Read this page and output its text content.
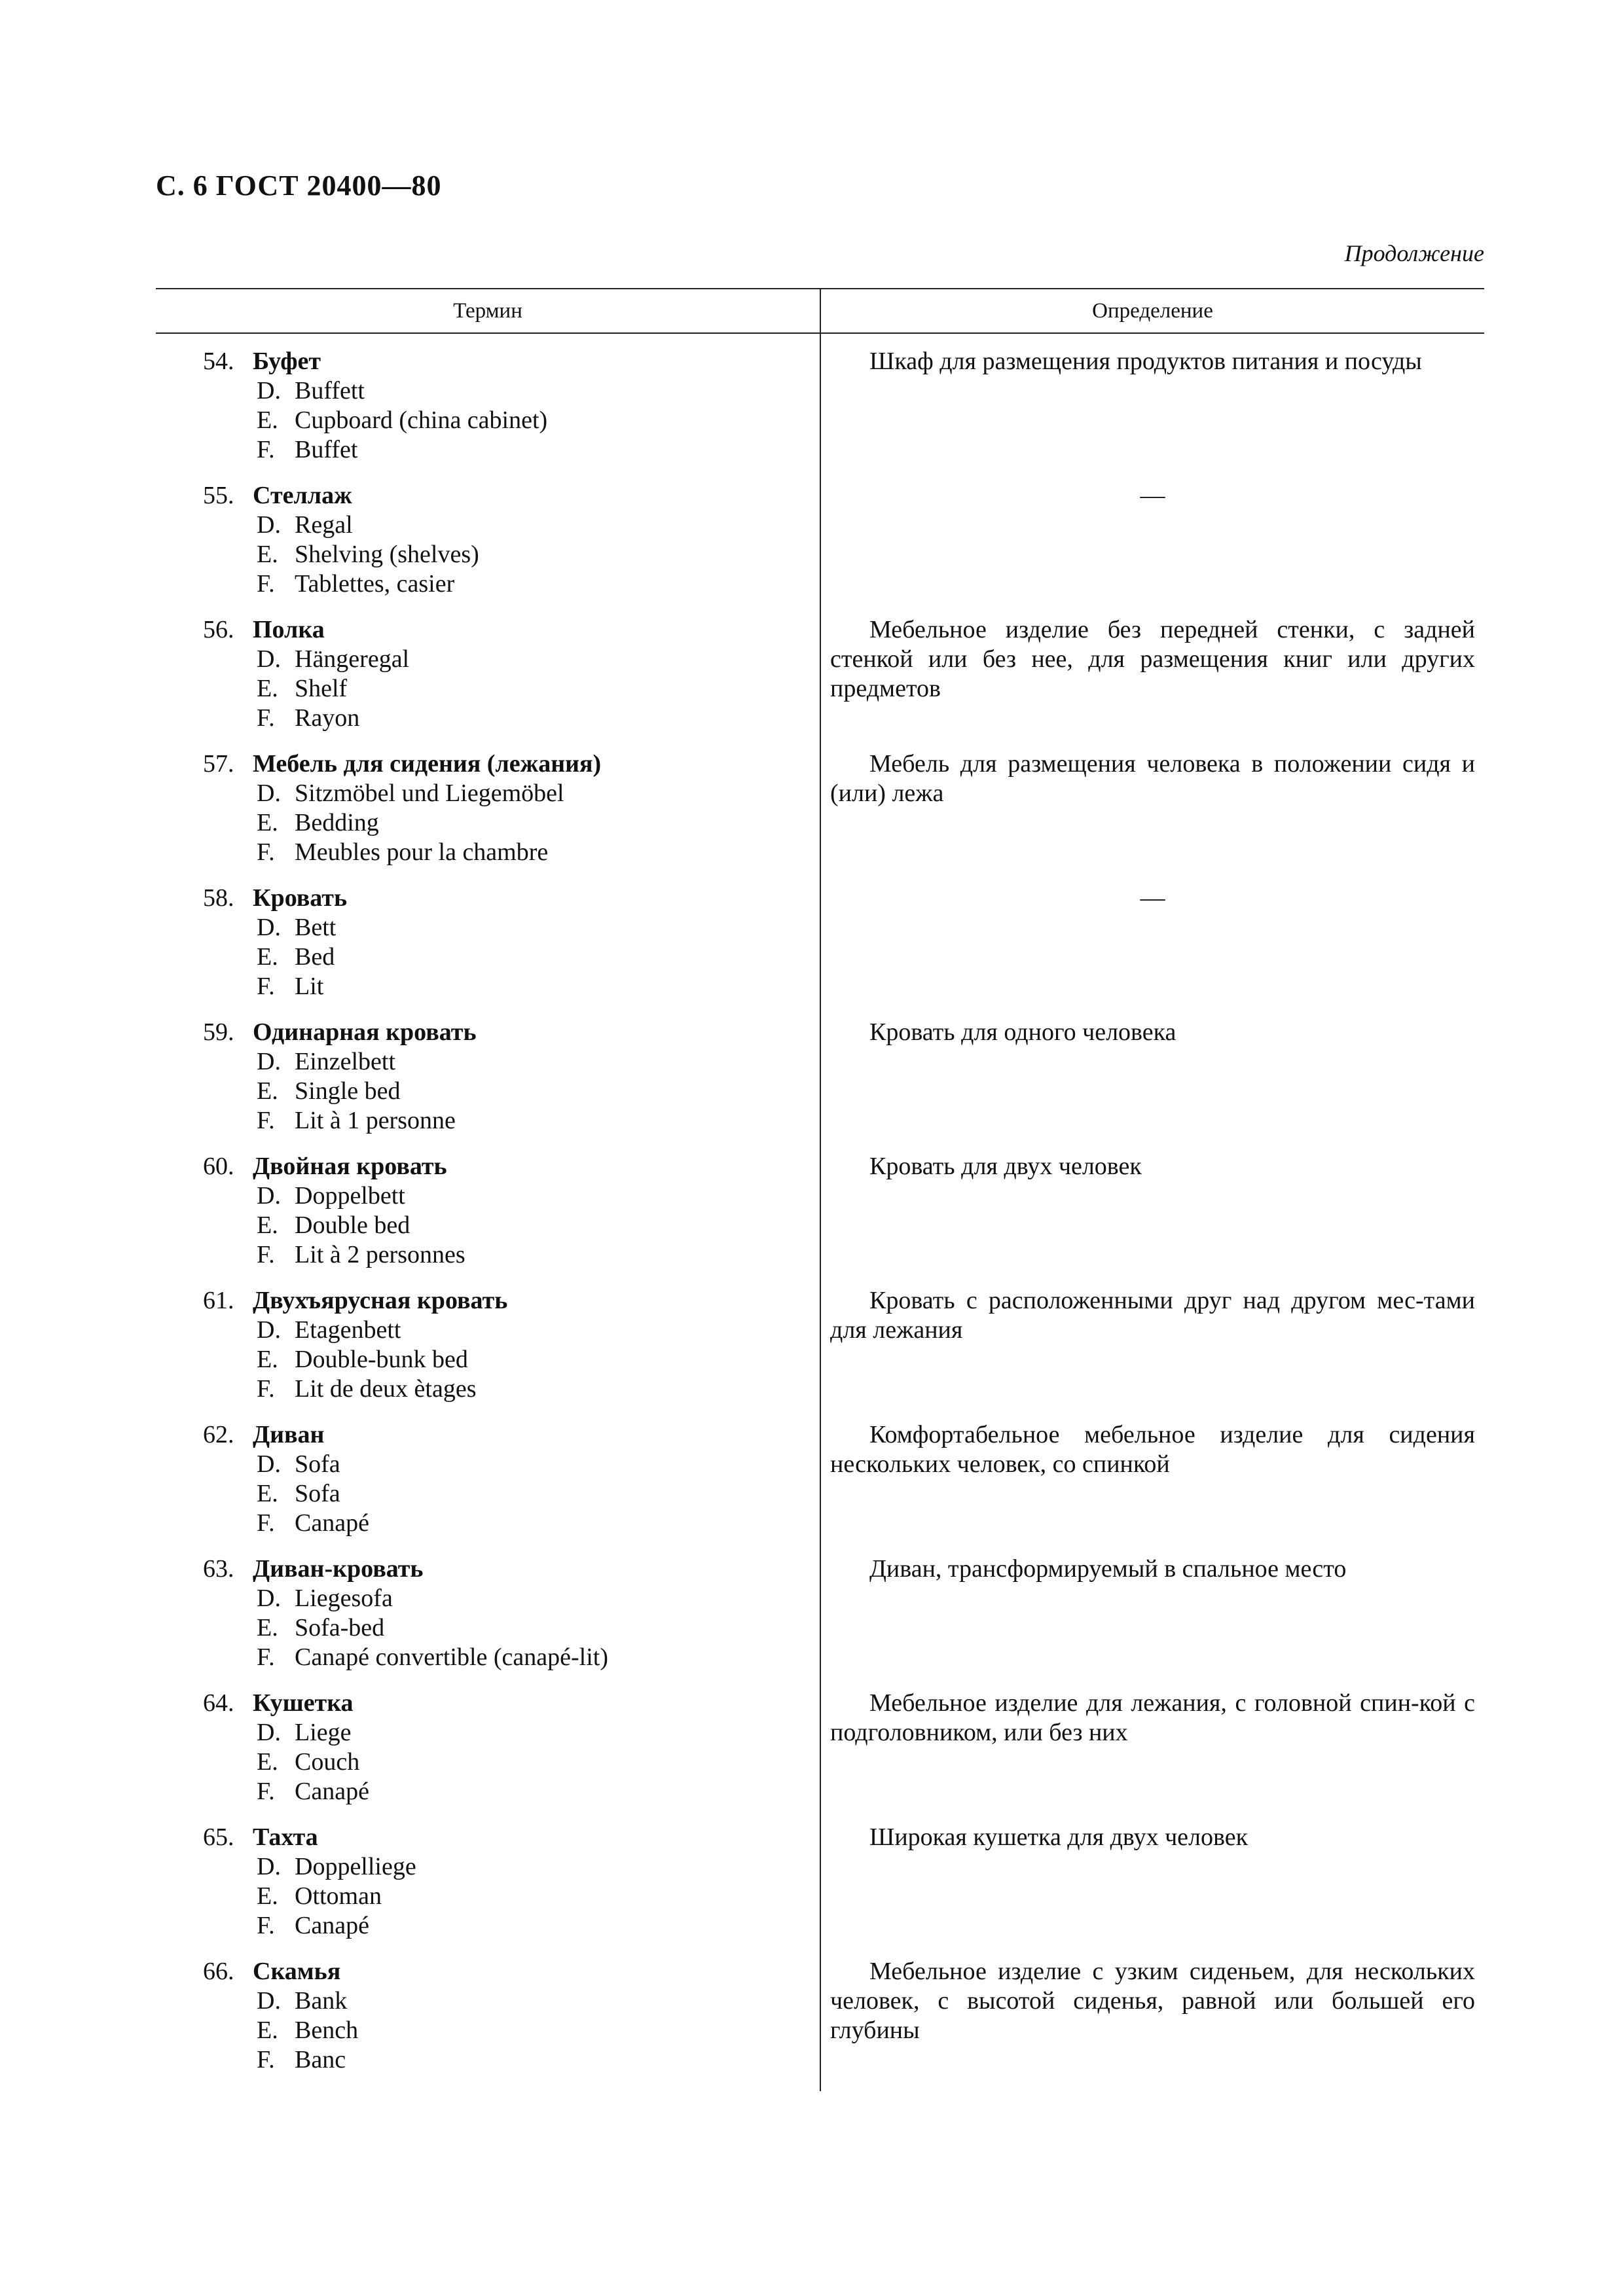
С. 6 ГОСТ 20400—80
Продолжение
Термин	Определение
54. Буфет
D. Buffett
E. Cupboard (china cabinet)
F. Buffet

Шкаф для размещения продуктов питания и посуды

55. Стеллаж
D. Regal
E. Shelving (shelves)
F. Tablettes, casier

—

56. Полка
D. Hängeregal
E. Shelf
F. Rayon

Мебельное изделие без передней стенки, с задней стенкой или без нее, для размещения книг или других предметов

57. Мебель для сидения (лежания)
D. Sitzmöbel und Liegemöbel
E. Bedding
F. Meubles pour la chambre

Мебель для размещения человека в положении сидя и (или) лежа

58. Кровать
D. Bett
E. Bed
F. Lit

—

59. Одинарная кровать
D. Einzelbett
E. Single bed
F. Lit à 1 personne

Кровать для одного человека

60. Двойная кровать
D. Doppelbett
E. Double bed
F. Lit à 2 personnes

Кровать для двух человек

61. Двухъярусная кровать
D. Etagenbett
E. Double-bunk bed
F. Lit de deux ètages

Кровать с расположенными друг над другом мес-тами для лежания

62. Диван
D. Sofa
E. Sofa
F. Canapé

Комфортабельное мебельное изделие для сидения нескольких человек, со спинкой

63. Диван-кровать
D. Liegesofa
E. Sofa-bed
F. Canapé convertible (canapé-lit)

Диван, трансформируемый в спальное место

64. Кушетка
D. Liege
E. Couch
F. Canapé

Мебельное изделие для лежания, с головной спин-кой с подголовником, или без них

65. Тахта
D. Doppelliege
E. Ottoman
F. Canapé

Широкая кушетка для двух человек

66. Скамья
D. Bank
E. Bench
F. Banc

Мебельное изделие с узким сиденьем, для нескольких человек, с высотой сиденья, равной или большей его глубины
